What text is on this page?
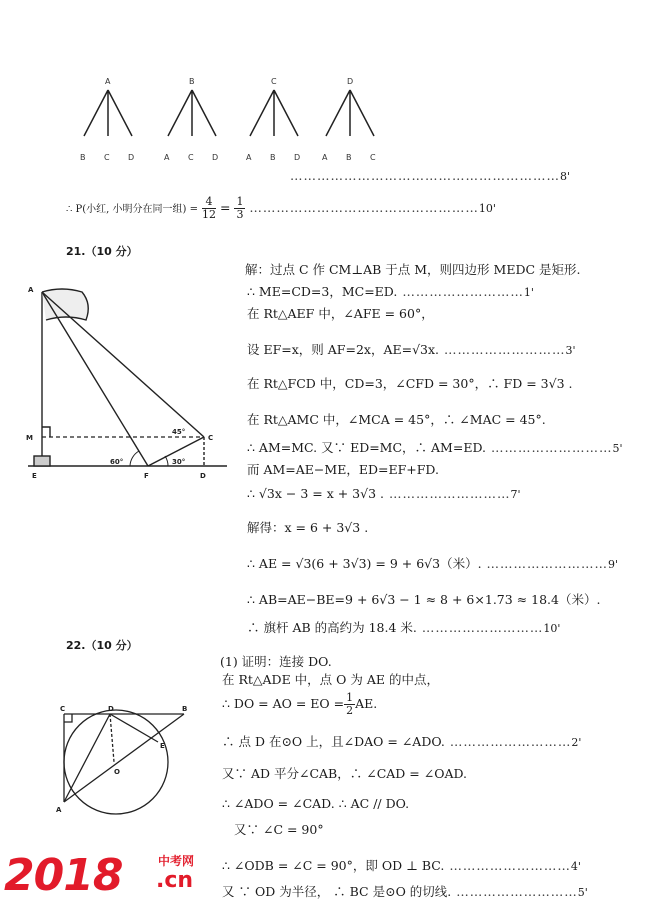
A	B	C	D
B C D	A C D	A B D	A B C
……………………………………………………8'
∴ P(小红, 小明分在同一组) = $\frac{4}{12} = \frac{1}{3}$ ……………………………………………10'
21.（10 分）
A
M
E	F
C
D
45°
60°	30°
解：过点 C 作 CM⊥AB 于点 M，则四边形 MEDC 是矩形.
∴ ME=CD=3，MC=ED. ………………………1'
在 Rt△AEF 中，∠AFE = 60°，
设 EF=x，则 AF=2x，AE=√3x. ………………………3'
在 Rt△FCD 中，CD=3，∠CFD = 30°，∴ FD = 3√3 .
在 Rt△AMC 中，∠MCA = 45°，∴ ∠MAC = 45°.
∴ AM=MC. 又∵ ED=MC，∴ AM=ED. ………………………5'
而 AM=AE−ME，ED=EF+FD.
∴ √3x − 3 = x + 3√3 . ………………………7'
解得：x = 6 + 3√3 .
∴ AE = √3(6 + 3√3) = 9 + 6√3（米）. ………………………9'
∴ AB=AE−BE=9 + 6√3 − 1 ≈ 8 + 6×1.73 ≈ 18.4（米）.
∴ 旗杆 AB 的高约为 18.4 米. ………………………10'
22.（10 分）
C	D	B
E
O
A
(1) 证明：连接 DO.
在 Rt△ADE 中，点 O 为 AE 的中点，
∴ DO = AO = EO = $\frac{1}{2}$ AE.
∴ 点 D 在⊙O 上，且∠DAO = ∠ADO. ………………………2'
又∵ AD 平分∠CAB，∴ ∠CAD = ∠OAD.
∴ ∠ADO = ∠CAD. ∴ AC // DO.
又∵ ∠C = 90°
∴ ∠ODB = ∠C = 90°，即 OD ⊥ BC. ………………………4'
又 ∵ OD 为半径， ∴ BC 是⊙O 的切线. ………………………5'
2018	中考网
.cn
